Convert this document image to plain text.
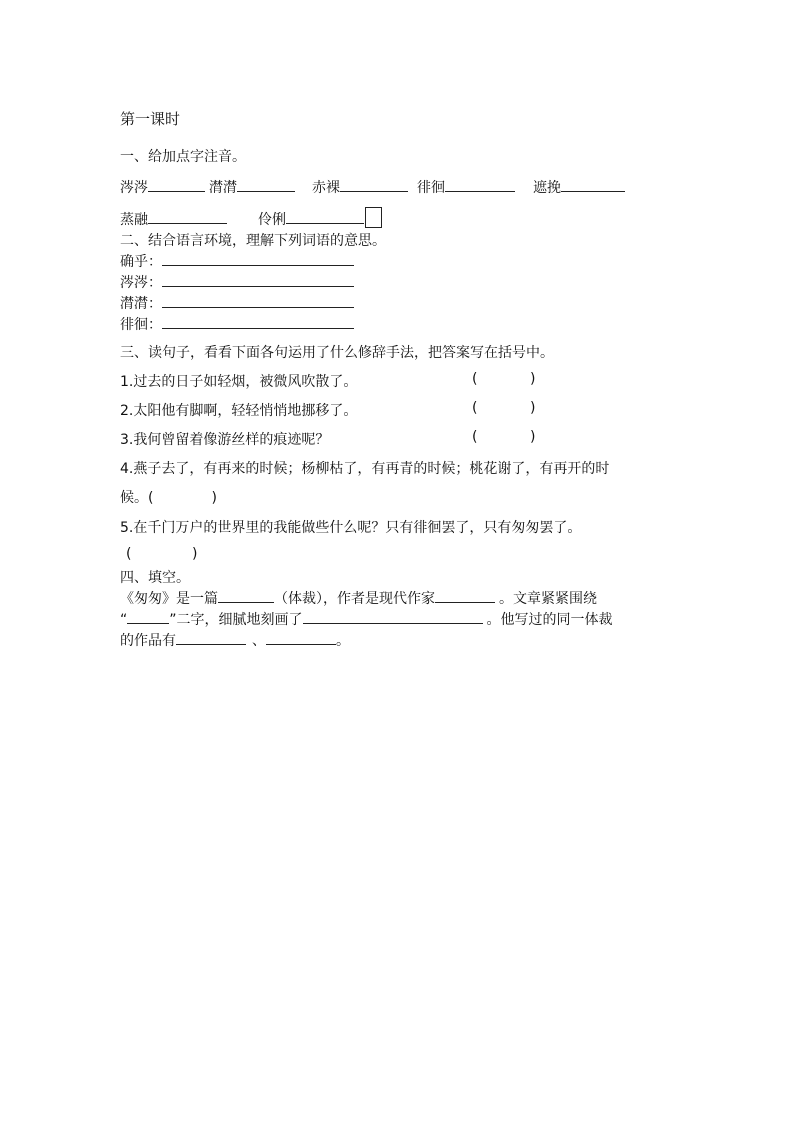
第一课时
一、给加点字注音。
涔涔	潸潸	赤裸	徘徊	遮挽
蒸融	伶俐
二、结合语言环境，理解下列词语的意思。
确乎：
涔涔：
潸潸：
徘徊：
三、读句子，看看下面各句运用了什么修辞手法，把答案写在括号中。
1.过去的日子如轻烟，被微风吹散了。	(	)
2.太阳他有脚啊，轻轻悄悄地挪移了。	(	)
3.我何曾留着像游丝样的痕迹呢？	(	)
4.燕子去了，有再来的时候；杨柳枯了，有再青的时候；桃花谢了，有再开的时
候。(	)
5.在千门万户的世界里的我能做些什么呢？只有徘徊罢了，只有匆匆罢了。
(	)
四、填空。
《匆匆》是一篇	（体裁），作者是现代作家	。文章紧紧围绕
“	”二字，细腻地刻画了	。他写过的同一体裁
的作品有	、	。
